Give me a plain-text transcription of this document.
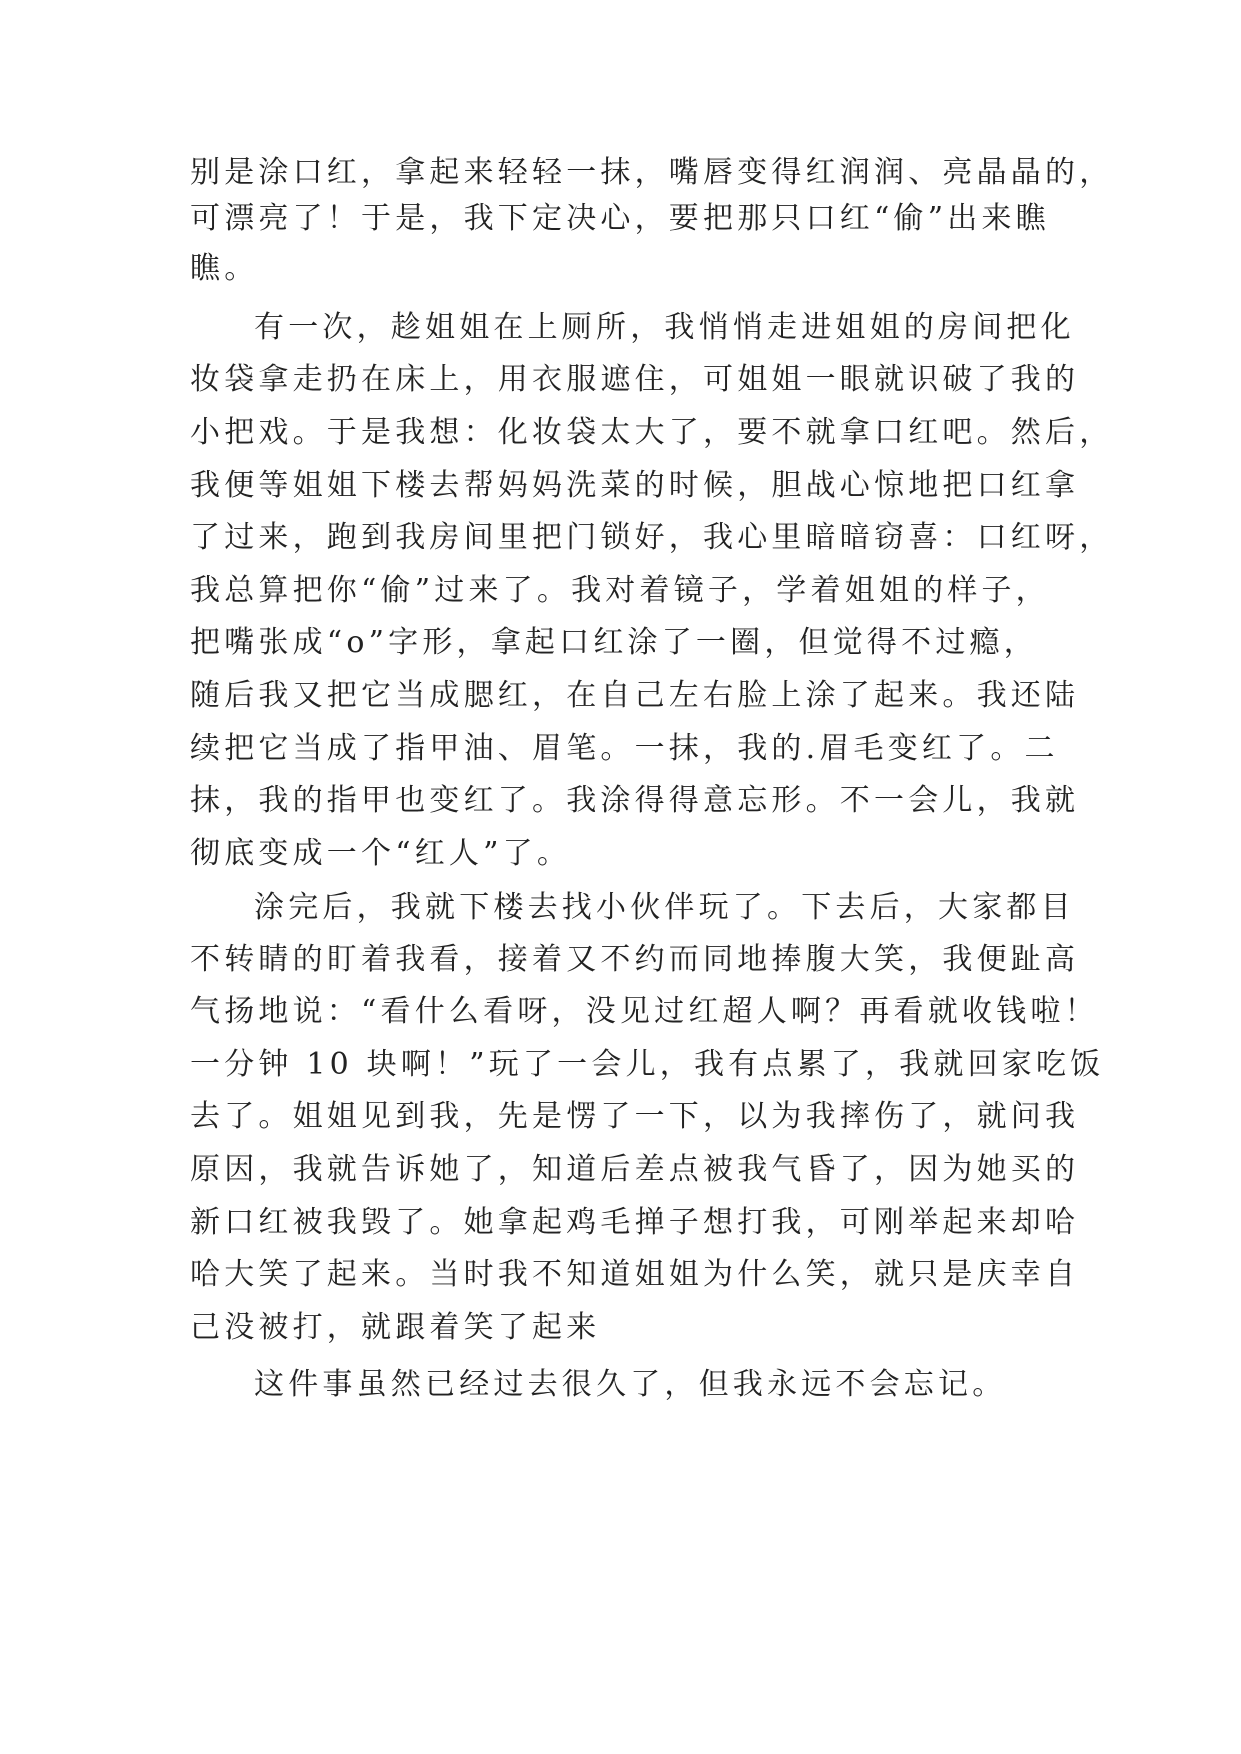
别是涂口红，拿起来轻轻一抹，嘴唇变得红润润、亮晶晶的，
可漂亮了！于是，我下定决心，要把那只口红“偷”出来瞧
瞧。
有一次，趁姐姐在上厕所，我悄悄走进姐姐的房间把化
妆袋拿走扔在床上，用衣服遮住，可姐姐一眼就识破了我的
小把戏。于是我想：化妆袋太大了，要不就拿口红吧。然后，
我便等姐姐下楼去帮妈妈洗菜的时候，胆战心惊地把口红拿
了过来，跑到我房间里把门锁好，我心里暗暗窃喜：口红呀，
我总算把你“偷”过来了。我对着镜子，学着姐姐的样子，
把嘴张成“o”字形，拿起口红涂了一圈，但觉得不过瘾，
随后我又把它当成腮红，在自己左右脸上涂了起来。我还陆
续把它当成了指甲油、眉笔。一抹，我的.眉毛变红了。二
抹，我的指甲也变红了。我涂得得意忘形。不一会儿，我就
彻底变成一个“红人”了。
涂完后，我就下楼去找小伙伴玩了。下去后，大家都目
不转睛的盯着我看，接着又不约而同地捧腹大笑，我便趾高
气扬地说：“看什么看呀，没见过红超人啊？再看就收钱啦！
一分钟 10 块啊！”玩了一会儿，我有点累了，我就回家吃饭
去了。姐姐见到我，先是愣了一下，以为我摔伤了，就问我
原因，我就告诉她了，知道后差点被我气昏了，因为她买的
新口红被我毁了。她拿起鸡毛掸子想打我，可刚举起来却哈
哈大笑了起来。当时我不知道姐姐为什么笑，就只是庆幸自
己没被打，就跟着笑了起来
这件事虽然已经过去很久了，但我永远不会忘记。
